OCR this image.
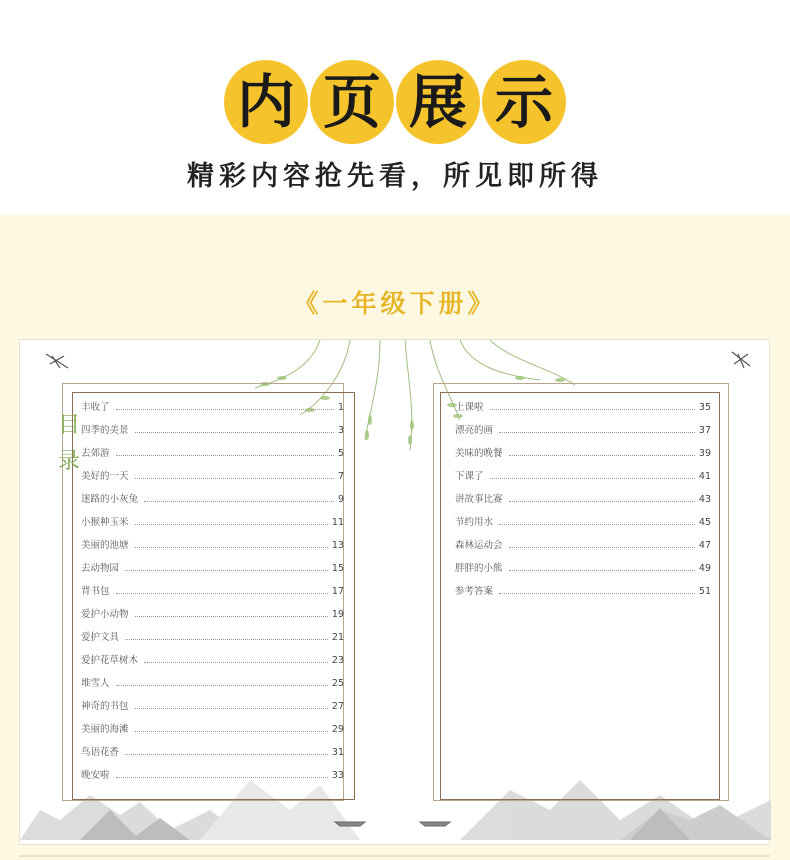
内 页 展 示
精彩内容抢先看，所见即所得
《一年级下册》
目
录
丰收了	1
四季的美景	3
去郊游	5
美好的一天	7
迷路的小灰兔	9
小猴种玉米	11
美丽的池塘	13
去动物园	15
背书包	17
爱护小动物	19
爱护文具	21
爱护花草树木	23
堆雪人	25
神奇的书包	27
美丽的海滩	29
鸟语花香	31
晚安啦	33
上课啦	35
漂亮的画	37
美味的晚餐	39
下课了	41
讲故事比赛	43
节约用水	45
森林运动会	47
胖胖的小熊	49
参考答案	51
